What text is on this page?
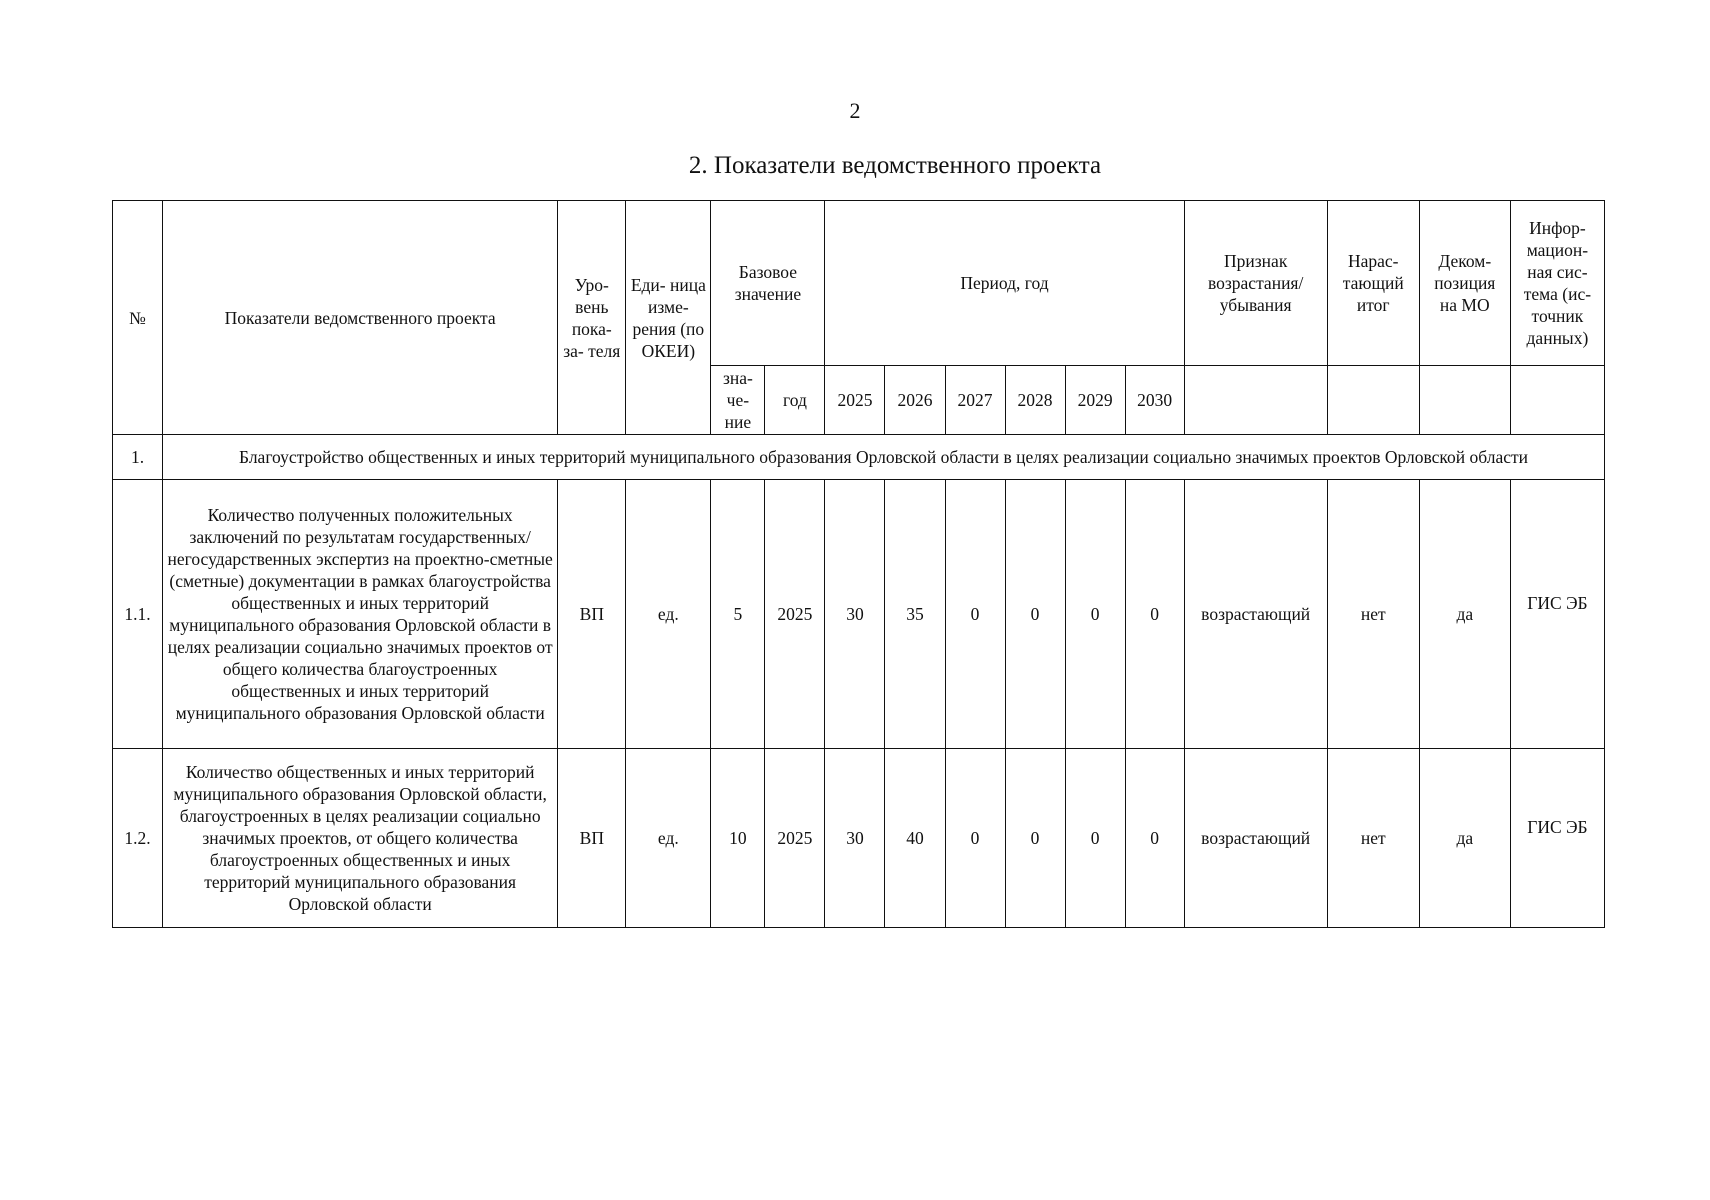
2
2. Показатели ведомственного проекта
№	Показатели ведомственного проекта	Уро- вень пока- за- теля	Еди- ница изме- рения (по ОКЕИ)	Базовое значение		Период, год						Признак возрастания/ убывания	Нарас- тающий итог	Деком- позиция на МО	Инфор- мацион- ная сис- тема (ис- точник данных)
				зна- че- ние	год	2025	2026	2027	2028	2029	2030				
1.	Благоустройство общественных и иных территорий муниципального образования Орловской области в целях реализации социально значимых проектов Орловской области														
1.1.	Количество полученных положительных заключений по результатам государственных/негосударственных экспертиз на проектно-сметные (сметные) документации в рамках благоустройства общественных и иных территорий муниципального образования Орловской области в целях реализации социально значимых проектов от общего количества благоустроенных общественных и иных территорий муниципального образования Орловской области	ВП	ед.	5	2025	30	35	0	0	0	0	возрастающий	нет	да	ГИС ЭБ
1.2.	Количество общественных и иных территорий муниципального образования Орловской области, благоустроенных в целях реализации социально значимых проектов, от общего количества благоустроенных общественных и иных территорий муниципального образования Орловской области	ВП	ед.	10	2025	30	40	0	0	0	0	возрастающий	нет	да	ГИС ЭБ
